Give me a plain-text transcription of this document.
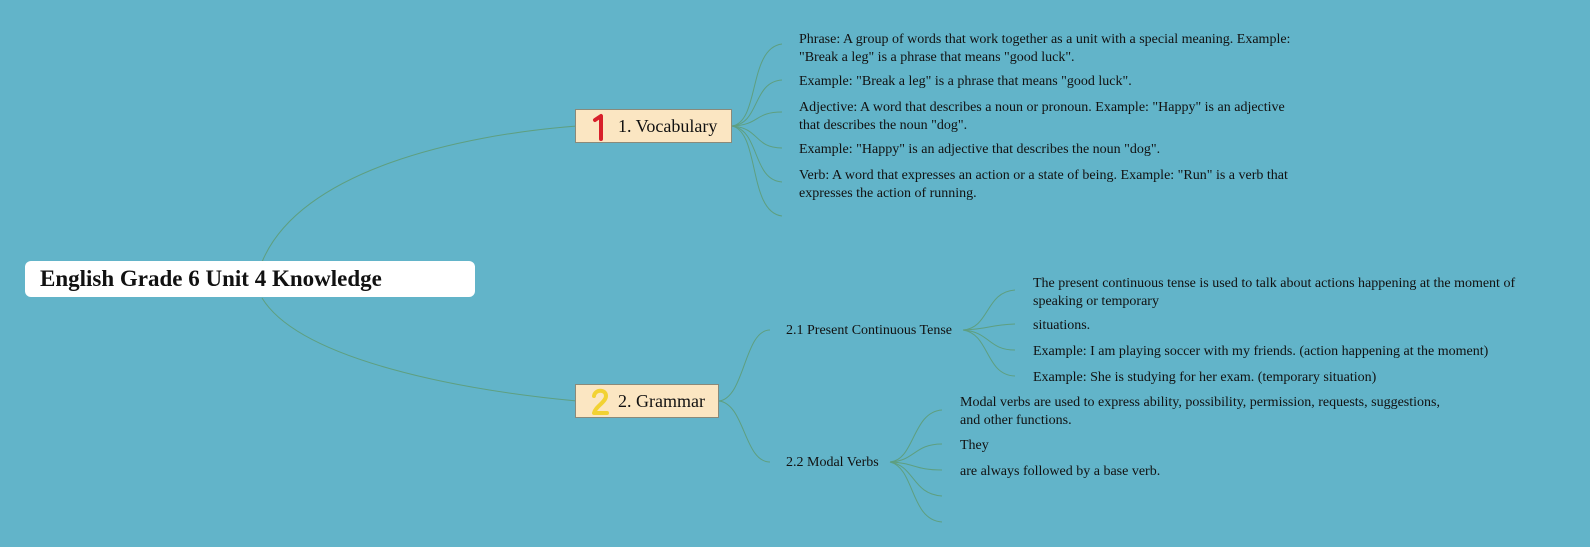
English Grade 6 Unit 4 Knowledge
1. Vocabulary
2. Grammar
Phrase: A group of words that work together as a unit with a special meaning. Example: "Break a leg" is a phrase that means "good luck".
Example: "Break a leg" is a phrase that means "good luck".
Adjective: A word that describes a noun or pronoun. Example: "Happy" is an adjective that describes the noun "dog".
Example: "Happy" is an adjective that describes the noun "dog".
Verb: A word that expresses an action or a state of being. Example: "Run" is a verb that expresses the action of running.
2.1 Present Continuous Tense
2.2 Modal Verbs
The present continuous tense is used to talk about actions happening at the moment of speaking or temporary
situations.
Example: I am playing soccer with my friends. (action happening at the moment)
Example: She is studying for her exam. (temporary situation)
Modal verbs are used to express ability, possibility, permission, requests, suggestions, and other functions.
They
are always followed by a base verb.
